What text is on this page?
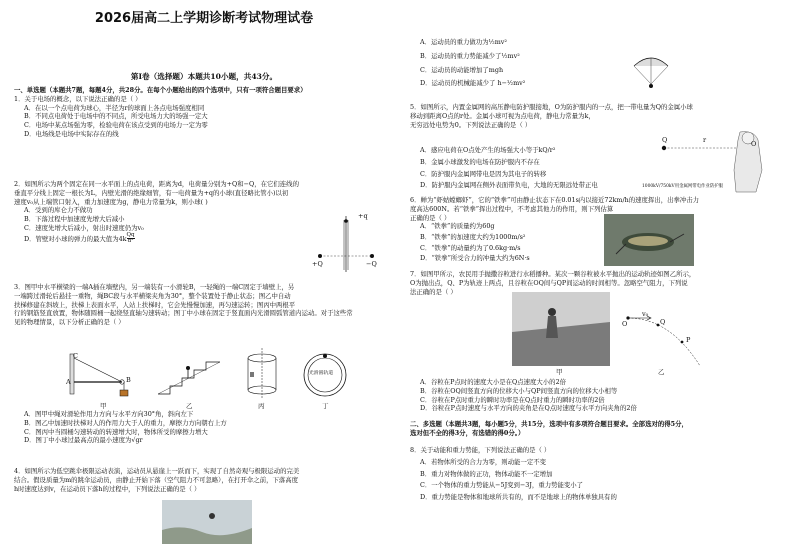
2026届高二上学期诊断考试物理试卷
第Ⅰ卷（选择题）本题共10小题，共43分。

一、单选题（本题共7题，每题4分，共28分。在每个小题给出的四个选项中，只有一项符合题目要求）

1．关于电场的概念，以下说法正确的是（ ）

A．在以一个点电荷为球心，半径为r的球面上各点电场强度相同

B．不同点电荷处于电场中的不同点，所受电场力大的场强一定大

C．电场中某点场强为零，检验电荷在该点受到的电场力一定为零

D．电场线是电场中实际存在的线

2．如图所示为两个固定在同一水平面上的点电荷，距离为d，电荷量分别为+Q和−Q，在它们连线的

垂直平分线上固定一根长为L，内壁光滑的绝缘细管，有一电荷量为+q的小球(直径略比管小)以初

速度v₀从上端管口射入，重力加速度为g，静电力常量为k，则小球( )

A．受到的库仑力不做功

B．下落过程中加速度先增大后减小

C．速度先增大后减小，射出时速度仍为v₀

D．管壁对小球的弹力的最大值为$4k \frac{Qq}{\text{d²}}$

+q
+Q	−Q

3．图甲中水平横梁的一端A插在墙壁内，另一端装有一小滑轮B，一轻绳的一端C固定于墙壁上，另

一端跨过滑轮后悬挂一重物，绳BC段与水平横梁夹角为30°，整个装置处于静止状态；图乙中自动

扶梯修建在斜坡上，扶梯上表面水平，人站上扶梯时，它会先慢慢加速，再匀速运转；图丙中两根平

行的钢筋竖直放置，物体随圆桶一起绕竖直轴匀速转动；图丁中小球在固定于竖直面内光滑圆弧管道内运动。对于这些常

见的物理情景，以下分析正确的是（ ）

C
A	B
光滑圆轨道
甲	乙	丙	丁

A．图甲中绳对滑轮作用力方向与水平方向30°角，斜向左下

B．图乙中加速时扶梯对人的作用力大于人的重力，摩擦力方向朝右上方

C．图丙中当圆桶匀速转动的转速增大时，物体所受的摩擦力增大

D．图丁中小球过最高点的最小速度为√gr

4．如图所示为低空跳伞极限运动表演，运动员从悬崖上一跃而下，实现了自然奇观与极限运动的完美

结合。假设质量为m的跳伞运动员，由静止开始下落（空气阻力不可忽略），在打开伞之前，下落高度

h时速度达到v，在运动员下落h的过程中，下列说法正确的是（ ）

A．运动员的重力做功为½mv²

B．运动员的重力势能减少了½mv²

C．运动员的动能增加了mgh

D．运动员的机械能减少了 h−½mv²

5．如图所示，内置金属网的高压静电防护服接地，O为防护服内的一点，把一带电量为Q的金属小球

移动到距离O点的r处。金属小球可视为点电荷，静电力常量为k，

无穷远处电势为0。下列说法正确的是（ ）

A．感应电荷在O点处产生的场强大小等于kQ/r²

B．金属小球激发的电场在防护服内不存在

C．防护服内金属网带电是因为其电子的转移

D．防护服内金属网在侧外表面带负电，大地的无限远处带正电

Q	r	O
1000kV/750kV用金属网带电作业防护服

6．蝉为“虾蛄螳螂虾”，它的“铁拳”可由静止状态下在0.01s内以接近72km/h的速度挥出，出拳冲击力

度高达600N。若“铁拳”挥出过程中，不考虑其他力的作用，则下列估算

正确的是（ ）

A．“铁拳”的质量约为60g

B．“铁拳”的加速度大约为1000m/s²

C．“铁拳”的动量约为了0.6kg·m/s

D．“铁拳”所受合力的冲量大约为6N·s

7．如图甲所示，农民用手抛撒谷粒进行水稻播种。某次一颗谷粒被水平抛出的运动轨迹如图乙所示，

O为抛出点，Q、P为轨迹上两点，且谷粒在OQ间与QP间运动的时间相等。忽略空气阻力，下列说

法正确的是（ ）

O
v₀
Q
P
甲	乙

A．谷粒在P点时的速度大小是在Q点速度大小的2倍

B．谷粒在OQ间竖直方向的位移大小与QP间竖直方向的位移大小相等

C．谷粒在P点时重力的瞬时功率是在Q点时重力的瞬时功率的2倍

D．谷粒在P点时速度与水平方向的夹角是在Q点时速度与水平方向夹角的2倍

二、多选题（本题共3题，每小题5分，共15分，选项中有多项符合题目要求。全部选对的得5分，

选对但不全的得3分，有选错的得0分。）

8．关于动能和重力势能，下列说法正确的是（ ）

A．若物体所受的合力为零，则动能一定不变

B．重力对物体做的正功，物体动能不一定增加

C．一个物体的重力势能从−5J变到−3J，重力势能变小了

D．重力势能是物体和地球所共有的，而不是地球上的物体单独具有的
